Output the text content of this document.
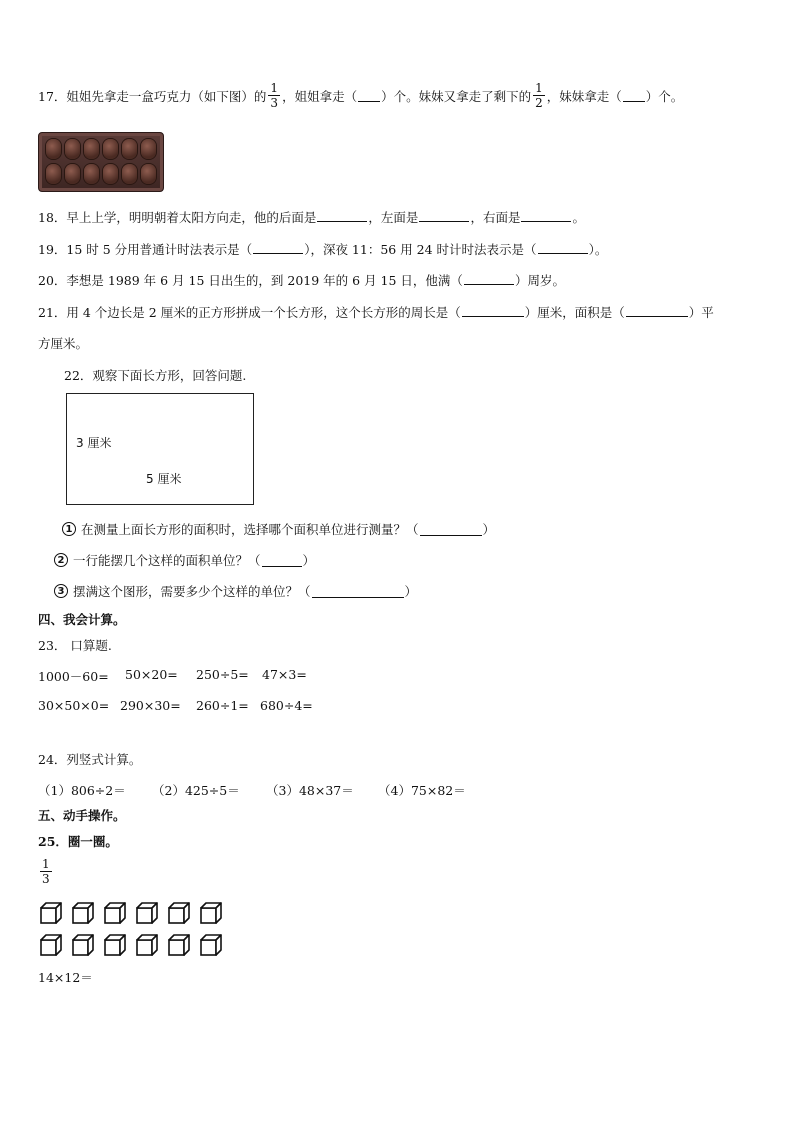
17．姐姐先拿走一盒巧克力（如下图）的 $\frac{1}{3}$ ，姐姐拿走（ ）个。妹妹又拿走了剩下的 $\frac{1}{2}$ ，妹妹拿走（ ）个。
18．早上上学，明明朝着太阳方向走，他的后面是	，左面是	，右面是	。
19．15 时 5 分用普通计时法表示是（	），深夜 11：56 用 24 时计时法表示是（	）。
20．李想是 1989 年 6 月 15 日出生的，到 2019 年的 6 月 15 日，他满（	）周岁。
21．用 4 个边长是 2 厘米的正方形拼成一个长方形，这个长方形的周长是（	）厘米，面积是（	）平
方厘米。
22．观察下面长方形，回答问题.
3 厘米
5 厘米
1 在测量上面长方形的面积时，选择哪个面积单位进行测量？（	）
2 一行能摆几个这样的面积单位？（	）
3 摆满这个图形，需要多少个这样的单位？（	）
四、我会计算。
23． 口算题.
1000－60= 50×20= 250÷5= 47×3=
30×50×0= 290×30= 260÷1= 680÷4=
24．列竖式计算。
（1）806÷2＝ （2）425÷5＝ （3）48×37＝ （4）75×82＝
五、动手操作。
25．圈一圈。
$\frac{1}{3}$
14×12＝
